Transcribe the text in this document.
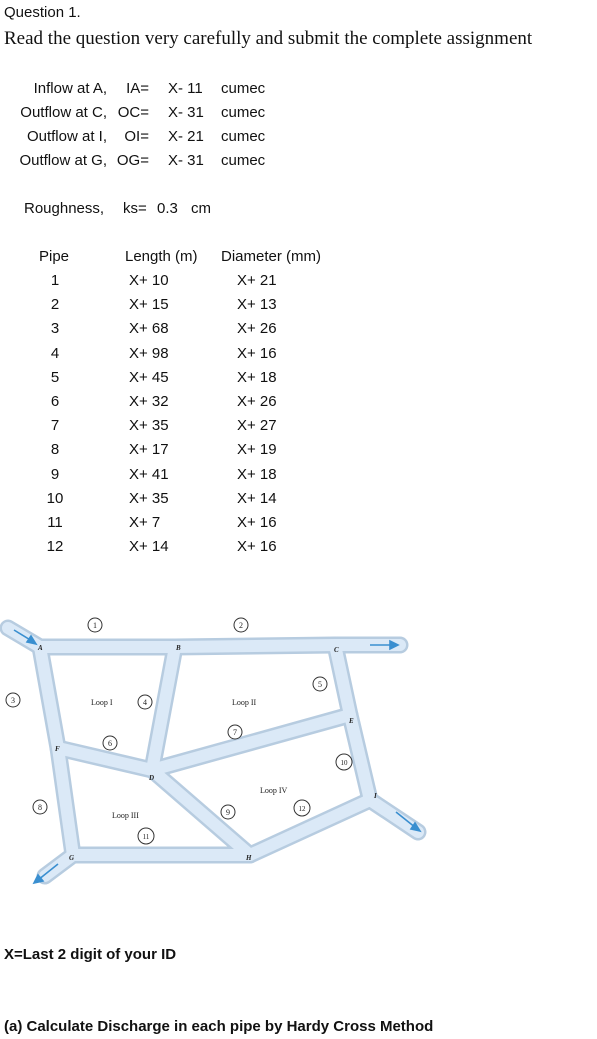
Question 1.
Read the question very carefully and submit the complete assignment
Inflow at A, IA= X- 11 cumec
Outflow at C, OC= X- 31 cumec
Outflow at I, OI= X- 21 cumec
Outflow at G, OG= X- 31 cumec
Roughness, ks= 0.3 cm
Pipe	Length (m) Diameter (mm)
1	X+ 10	X+ 21
2	X+ 15	X+ 13
3	X+ 68	X+ 26
4	X+ 98	X+ 16
5	X+ 45	X+ 18
6	X+ 32	X+ 26
7	X+ 35	X+ 27
8	X+ 17	X+ 19
9	X+ 41	X+ 18
10	X+ 35	X+ 14
11	X+ 7	X+ 16
12	X+ 14	X+ 16
A	B	C
D
E
F
G	H
I
Loop I	Loop II
Loop III
Loop IV
1	2
3	4
5
6
7
8
9
10
11
12
X=Last 2 digit of your ID
(a) Calculate Discharge in each pipe by Hardy Cross Method
